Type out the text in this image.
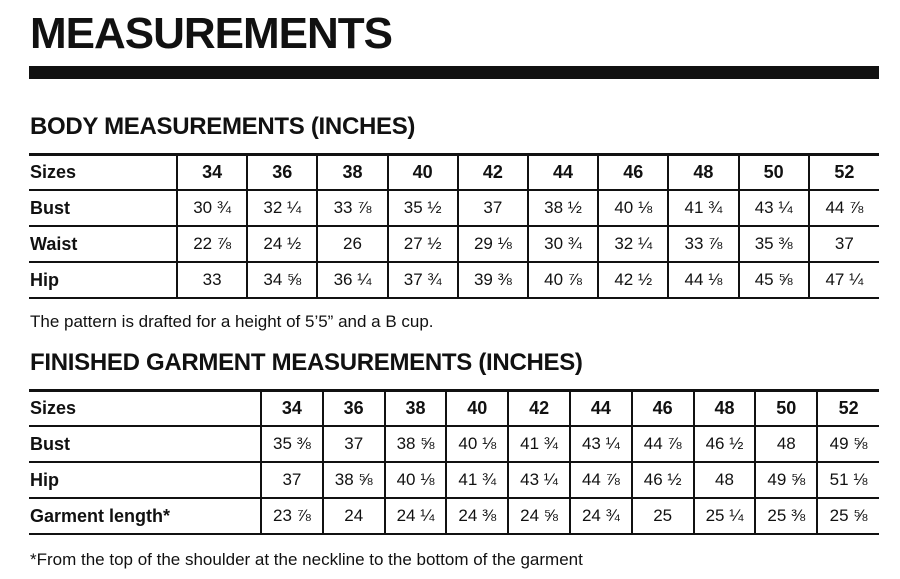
MEASUREMENTS
BODY MEASUREMENTS (INCHES)
Sizes	34	36	38	40	42	44	46	48	50	52
Bust	30 ¾	32 ¼	33 ⅞	35 ½	37	38 ½	40 ⅛	41 ¾	43 ¼	44 ⅞
Waist	22 ⅞	24 ½	26	27 ½	29 ⅛	30 ¾	32 ¼	33 ⅞	35 ⅜	37
Hip	33	34 ⅝	36 ¼	37 ¾	39 ⅜	40 ⅞	42 ½	44 ⅛	45 ⅝	47 ¼

The pattern is drafted for a height of 5’5” and a B cup.

FINISHED GARMENT MEASUREMENTS (INCHES)
Sizes	34	36	38	40	42	44	46	48	50	52
Bust	35 ⅜	37	38 ⅝	40 ⅛	41 ¾	43 ¼	44 ⅞	46 ½	48	49 ⅝
Hip	37	38 ⅝	40 ⅛	41 ¾	43 ¼	44 ⅞	46 ½	48	49 ⅝	51 ⅛
Garment length*	23 ⅞	24	24 ¼	24 ⅜	24 ⅝	24 ¾	25	25 ¼	25 ⅜	25 ⅝

*From the top of the shoulder at the neckline to the bottom of the garment
